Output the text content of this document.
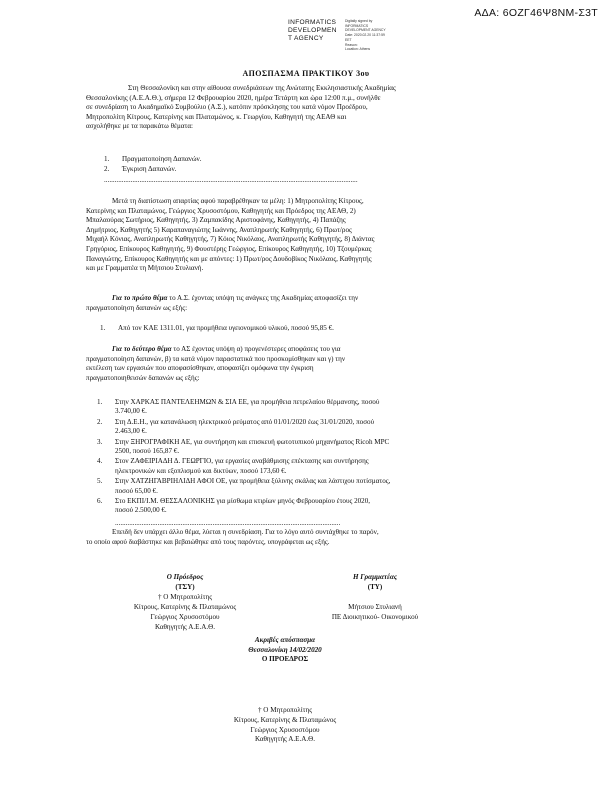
ΑΔΑ: 6ΟΖΓ46Ψ8ΝΜ-Σ3Τ
INFORMATICS
DEVELOPMEN
T AGENCY
Digitally signed by
INFORMATICS
DEVELOPMENT AGENCY
Date: 2020.02.20 11:37:59
EET
Reason:
Location: Athens
ΑΠΟΣΠΑΣΜΑ ΠΡΑΚΤΙΚΟΥ 3ου
Στη Θεσσαλονίκη και στην αίθουσα συνεδριάσεων της Ανώτατης Εκκλησιαστικής Ακαδημίας
Θεσσαλονίκης (Α.Ε.Α.Θ.), σήμερα 12 Φεβρουαρίου 2020, ημέρα Τετάρτη και ώρα 12:00 π.μ., συνήλθε
σε συνεδρίαση το Ακαδημαϊκό Συμβούλιο (Α.Σ.), κατόπιν πρόσκλησης του κατά νόμον Προέδρου,
Μητροπολίτη Κίτρους, Κατερίνης και Πλαταμώνος, κ. Γεωργίου, Καθηγητή της ΑΕΑΘ και
ασχολήθηκε με τα παρακάτω θέματα:
1. Πραγματοποίηση Δαπανών.
2. Έγκριση Δαπανών.
...............................................................................................................................................
Μετά τη διαπίστωση απαρτίας αφού παραβρέθηκαν τα μέλη: 1) Μητροπολίτης Κίτρους,
Κατερίνης και Πλαταμώνος, Γεώργιος Χρυσοστόμου, Καθηγητής και Πρόεδρος της ΑΕΑΘ, 2)
Μπαλαούρας Σωτήριος, Καθηγητής, 3) Ζαμπακίδης Αριστοφάνης, Καθηγητής, 4) Παπάζης
Δημήτριος, Καθηγητής 5) Καραπαναγιώτης Ιωάννης, Αναπληρωτής Καθηγητής, 6) Πρωτ/ρος
Μιχαήλ Κόνιας, Αναπληρωτής Καθηγητής, 7) Κόιος Νικόλαος, Αναπληρωτής Καθηγητής, 8) Διάντας
Γρηγόριος, Επίκουρος Καθηγητής, 9) Φουστέρης Γεώργιος, Επίκουρος Καθηγητής, 10) Τζουμέρκας
Παναγιώτης, Επίκουρος Καθηγητής και με απόντες: 1) Πρωτ/ρος Δουδοβίκος Νικόλαος, Καθηγητής
και με Γραμματέα τη Μήτσιου Στυλιανή.
Για το πρώτο θέμα το Α.Σ. έχοντας υπόψη τις ανάγκες της Ακαδημίας αποφασίζει την
πραγματοποίηση δαπανών ως εξής:
1. Από τον ΚΑΕ 1311.01, για προμήθεια υγειονομικού υλικού, ποσού 95,85 €.
Για το δεύτερο θέμα το ΑΣ έχοντας υπόψη α) προγενέστερες αποφάσεις του για
πραγματοποίηση δαπανών, β) τα κατά νόμον παραστατικά που προσκομίσθηκαν και γ) την
εκτέλεση των εργασιών που αποφασίσθηκαν, αποφασίζει ομόφωνα την έγκριση
πραγματοποιηθεισών δαπανών ως εξής:
1. Στην ΧΑΡΚΑΣ ΠΑΝΤΕΛΕΗΜΩΝ & ΣΙΑ ΕΕ, για προμήθεια πετρελαίου θέρμανσης, ποσού
3.740,00 €.
2. Στη Δ.Ε.Η., για κατανάλωση ηλεκτρικού ρεύματος από 01/01/2020 έως 31/01/2020, ποσού
2.463,00 €.
3. Στην ΞΗΡΟΓΡΑΦΙΚΗ ΑΕ, για συντήρηση και επισκευή φωτοτυπικού μηχανήματος Ricoh MPC
2500, ποσού 165,87 €.
4. Στον ΖΑΦΕΙΡΙΑΔΗ Δ. ΓΕΩΡΓΙΟ, για εργασίες αναβάθμισης επέκτασης και συντήρησης
ηλεκτρονικών και εξοπλισμού και δικτύων, ποσού 173,60 €.
5. Στην ΧΑΤΖΗΓΑΒΡΙΗΛΙΔΗ ΑΦΟΙ ΟΕ, για προμήθεια ξύλινης σκάλας και λάστιχου ποτίσματος,
ποσού 65,00 €.
6. Στο ΕΚΠΙ/Ι.Μ. ΘΕΣΣΑΛΟΝΙΚΗΣ για μίσθωμα κτιρίων μηνός Φεβρουαρίου έτους 2020,
ποσού 2.500,00 €.
...............................................................................................................................
Επειδή δεν υπάρχει άλλο θέμα, λύεται η συνεδρίαση. Για το λόγο αυτό συντάχθηκε το παρόν,
το οποίο αφού διαβάστηκε και βεβαιώθηκε από τους παρόντες, υπογράφεται ως εξής.
Ο Πρόεδρος
(ΤΣΥ)
† Ο Μητροπολίτης
Κίτρους, Κατερίνης & Πλαταμώνος
Γεώργιος Χρυσοστόμου
Καθηγητής Α.Ε.Α.Θ.
Η Γραμματέας
(ΤΥ)
Μήτσιου Στυλιανή
ΠΕ Διοικητικού- Οικονομικού
Ακριβές απόσπασμα
Θεσσαλονίκη 14/02/2020
Ο ΠΡΟΕΔΡΟΣ
† Ο Μητροπολίτης
Κίτρους, Κατερίνης & Πλαταμώνος
Γεώργιος Χρυσοστόμου
Καθηγητής Α.Ε.Α.Θ.
